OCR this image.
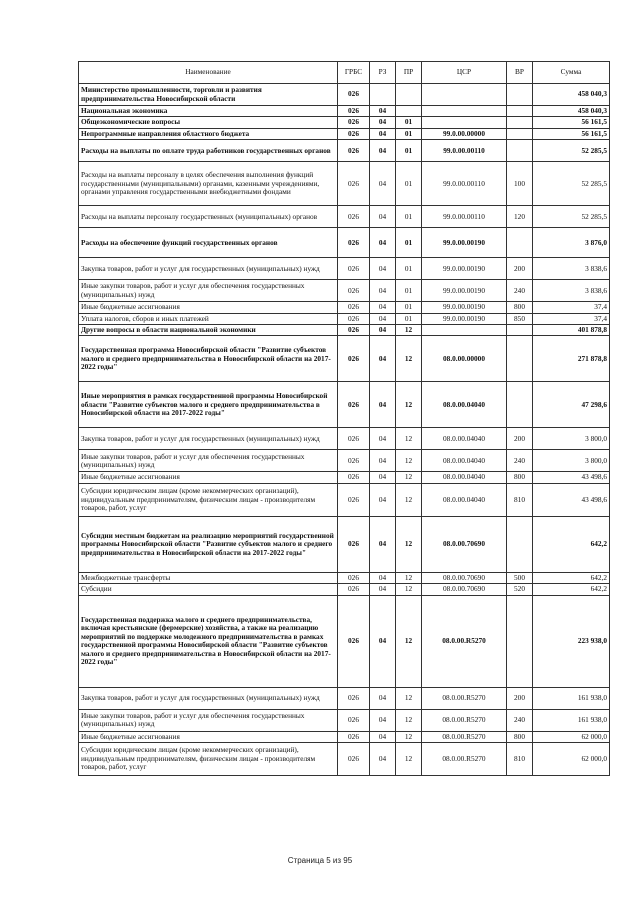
Наименование	ГРБС	РЗ	ПР	ЦСР	ВР	Сумма
Министерство промышленности, торговли и развития предпринимательства Новосибирской области	026					458 040,3
Национальная экономика	026	04				458 040,3
Общеэкономические вопросы	026	04	01			56 161,5
Непрограммные направления областного бюджета	026	04	01	99.0.00.00000		56 161,5
Расходы на выплаты по оплате труда работников государственных органов	026	04	01	99.0.00.00110		52 285,5
Расходы на выплаты персоналу в целях обеспечения выполнения функций государственными (муниципальными) органами, казенными учреждениями, органами управления государственными внебюджетными фондами	026	04	01	99.0.00.00110	100	52 285,5
Расходы на выплаты персоналу государственных (муниципальных) органов	026	04	01	99.0.00.00110	120	52 285,5
Расходы на обеспечение функций государственных органов	026	04	01	99.0.00.00190		3 876,0
Закупка товаров, работ и услуг для государственных (муниципальных) нужд	026	04	01	99.0.00.00190	200	3 838,6
Иные закупки товаров, работ и услуг для обеспечения государственных (муниципальных) нужд	026	04	01	99.0.00.00190	240	3 838,6
Иные бюджетные ассигнования	026	04	01	99.0.00.00190	800	37,4
Уплата налогов, сборов и иных платежей	026	04	01	99.0.00.00190	850	37,4
Другие вопросы в области национальной экономики	026	04	12			401 878,8
Государственная программа Новосибирской области "Развитие субъектов малого и среднего предпринимательства в Новосибирской области на 2017-2022 годы"	026	04	12	08.0.00.00000		271 878,8
Иные мероприятия в рамках государственной программы Новосибирской области "Развитие субъектов малого и среднего предпринимательства в Новосибирской области на 2017-2022 годы"	026	04	12	08.0.00.04040		47 298,6
Закупка товаров, работ и услуг для государственных (муниципальных) нужд	026	04	12	08.0.00.04040	200	3 800,0
Иные закупки товаров, работ и услуг для обеспечения государственных (муниципальных) нужд	026	04	12	08.0.00.04040	240	3 800,0
Иные бюджетные ассигнования	026	04	12	08.0.00.04040	800	43 498,6
Субсидии юридическим лицам (кроме некоммерческих организаций), индивидуальным предпринимателям, физическим лицам - производителям товаров, работ, услуг	026	04	12	08.0.00.04040	810	43 498,6
Субсидии местным бюджетам на реализацию мероприятий государственной программы Новосибирской области "Развитие субъектов малого и среднего предпринимательства в Новосибирской области на 2017-2022 годы"	026	04	12	08.0.00.70690		642,2
Межбюджетные трансферты	026	04	12	08.0.00.70690	500	642,2
Субсидии	026	04	12	08.0.00.70690	520	642,2
Государственная поддержка малого и среднего предпринимательства, включая крестьянские (фермерские) хозяйства, а также на реализацию мероприятий по поддержке молодежного предпринимательства в рамках государственной программы Новосибирской области "Развитие субъектов малого и среднего предпринимательства в Новосибирской области на 2017-2022 годы"	026	04	12	08.0.00.R5270		223 938,0
Закупка товаров, работ и услуг для государственных (муниципальных) нужд	026	04	12	08.0.00.R5270	200	161 938,0
Иные закупки товаров, работ и услуг для обеспечения государственных (муниципальных) нужд	026	04	12	08.0.00.R5270	240	161 938,0
Иные бюджетные ассигнования	026	04	12	08.0.00.R5270	800	62 000,0
Субсидии юридическим лицам (кроме некоммерческих организаций), индивидуальным предпринимателям, физическим лицам - производителям товаров, работ, услуг	026	04	12	08.0.00.R5270	810	62 000,0
Страница 5 из 95
